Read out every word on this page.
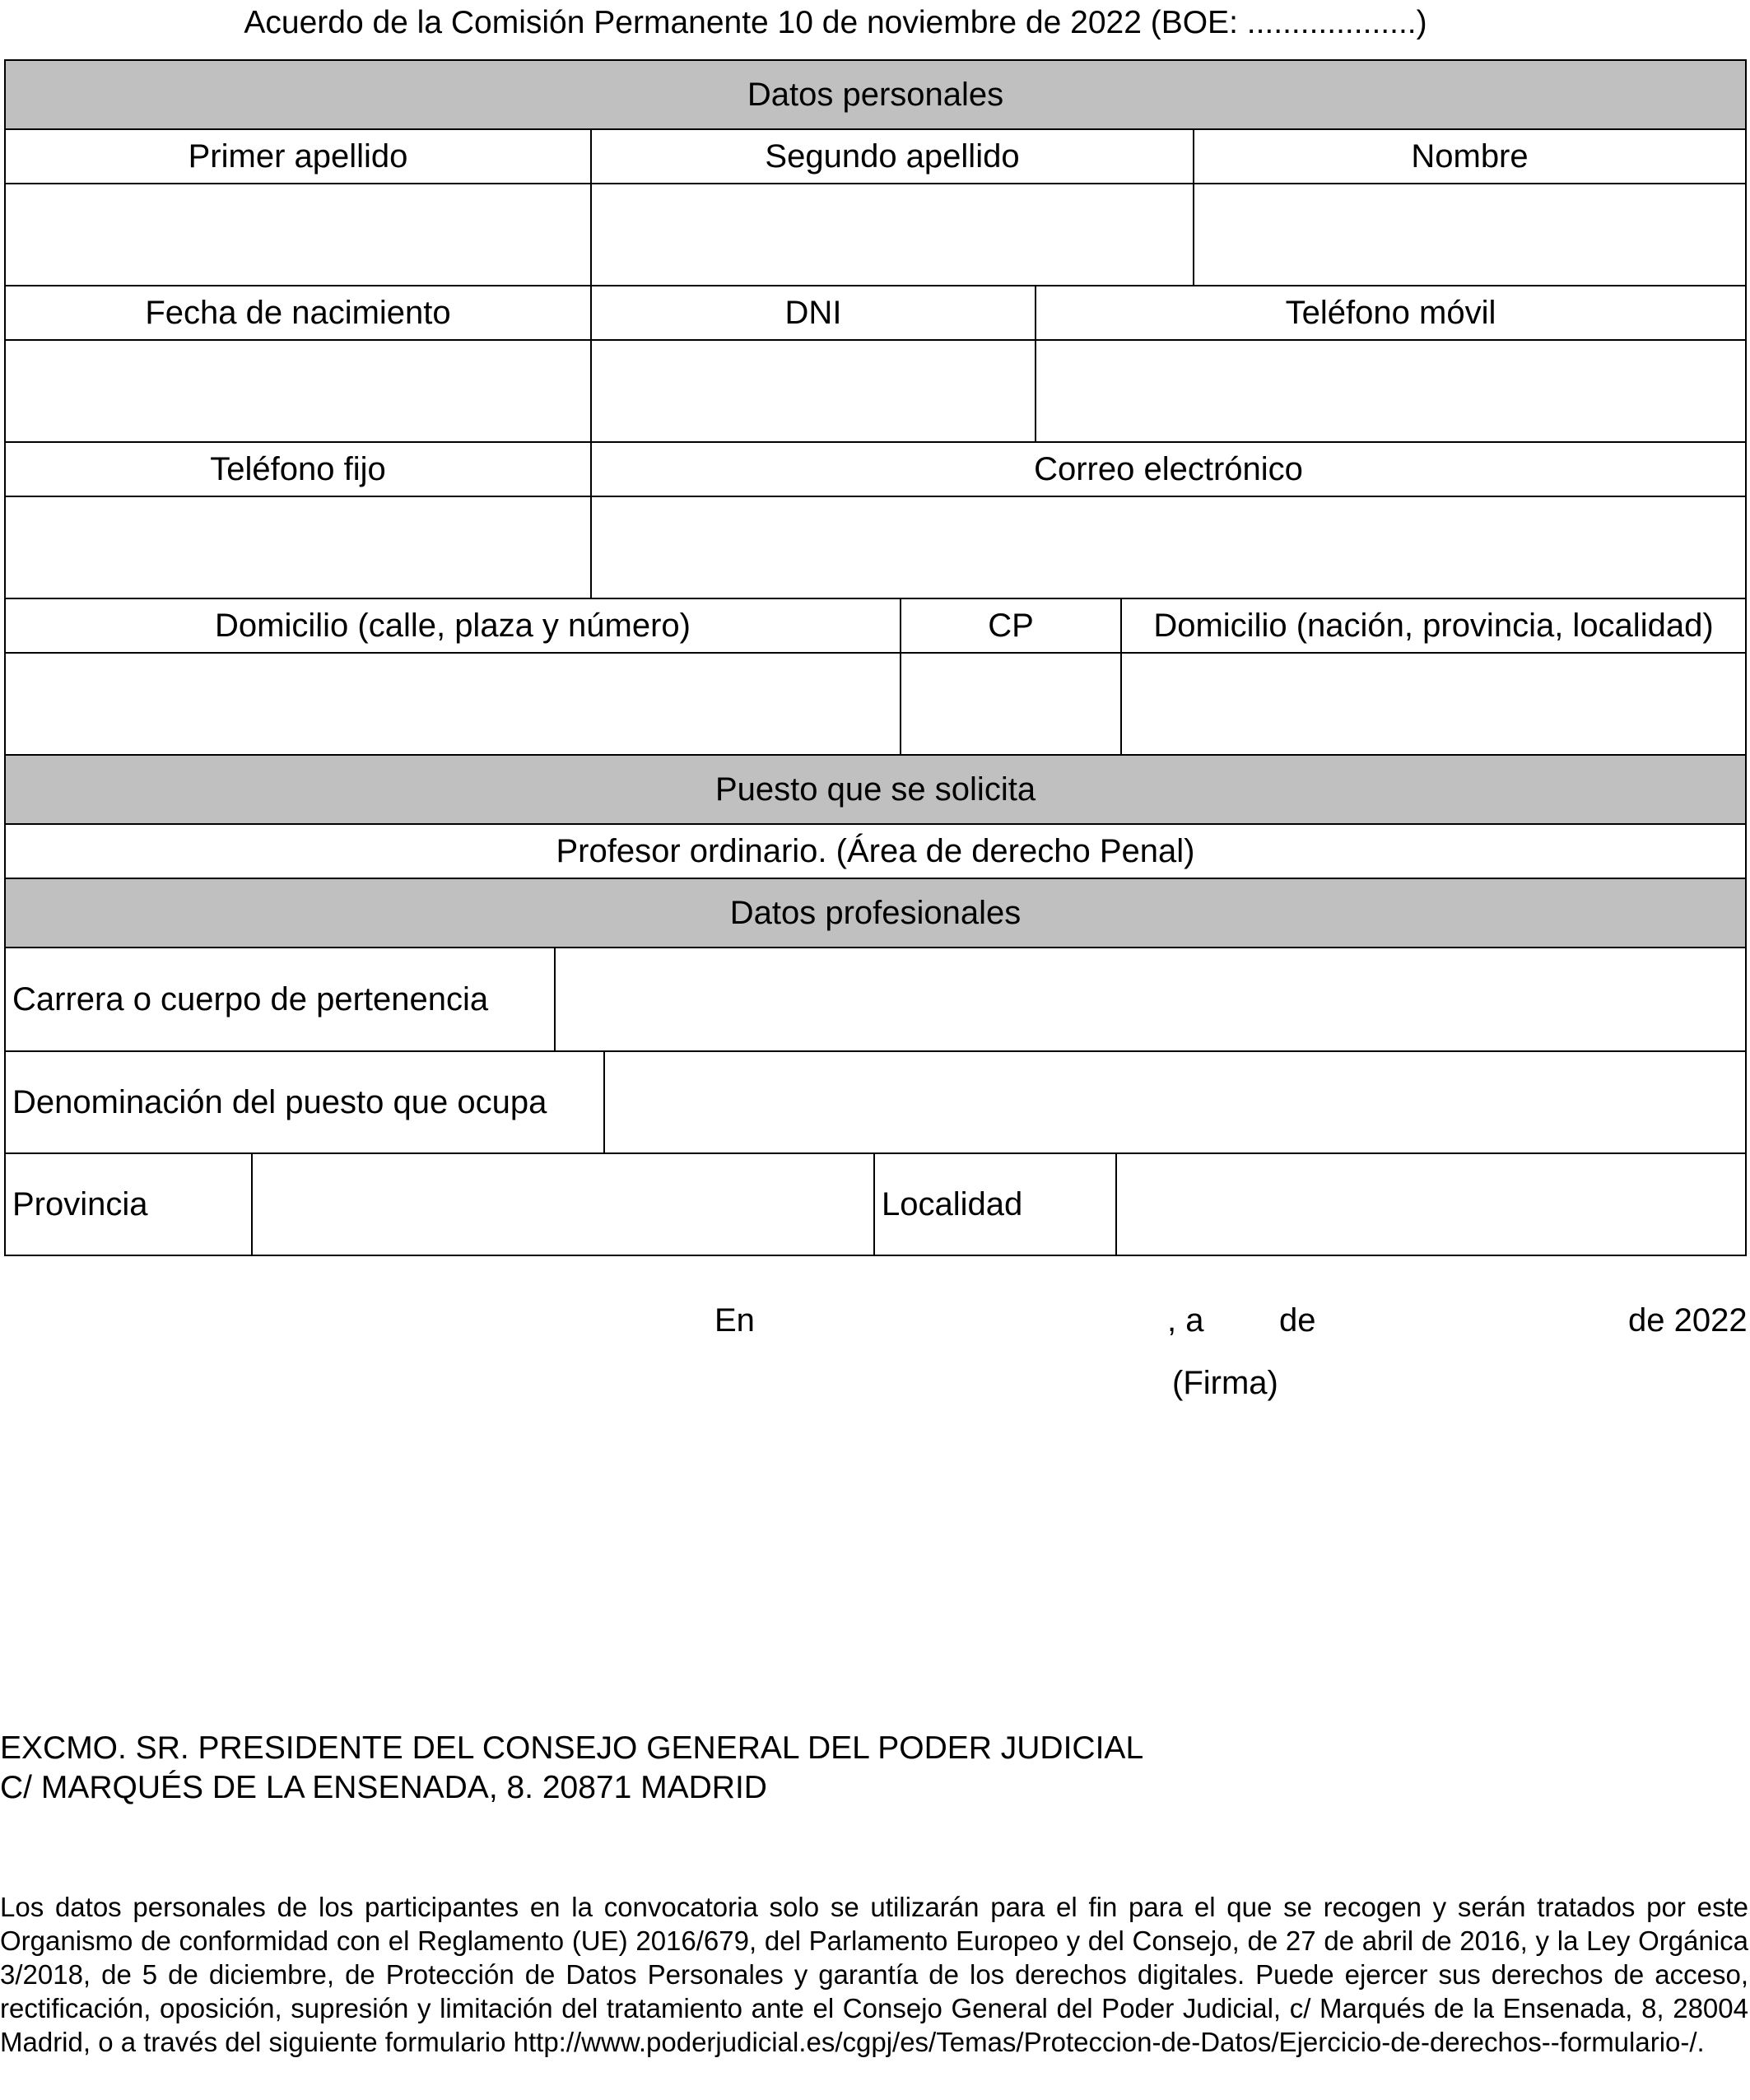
Acuerdo de la Comisión Permanente 10 de noviembre de 2022 (BOE: ...................)
Datos personales
Primer apellido	Segundo apellido	Nombre
Fecha de nacimiento	DNI	Teléfono móvil
Teléfono fijo	Correo electrónico
Domicilio (calle, plaza y número)	CP	Domicilio (nación, provincia, localidad)
Puesto que se solicita
Profesor ordinario. (Área de derecho Penal)
Datos profesionales
Carrera o cuerpo de pertenencia
Denominación del puesto que ocupa
Provincia	Localidad
En	, a de	de 2022
(Firma)
EXCMO. SR. PRESIDENTE DEL CONSEJO GENERAL DEL PODER JUDICIAL
C/ MARQUÉS DE LA ENSENADA, 8. 20871 MADRID
Los datos personales de los participantes en la convocatoria solo se utilizarán para el fin para el que se recogen y serán tratados por este Organismo de conformidad con el Reglamento (UE) 2016/679, del Parlamento Europeo y del Consejo, de 27 de abril de 2016, y la Ley Orgánica 3/2018, de 5 de diciembre, de Protección de Datos Personales y garantía de los derechos digitales. Puede ejercer sus derechos de acceso, rectificación, oposición, supresión y limitación del tratamiento ante el Consejo General del Poder Judicial, c/ Marqués de la Ensenada, 8, 28004 Madrid, o a través del siguiente formulario http://www.poderjudicial.es/cgpj/es/Temas/Proteccion-de-Datos/Ejercicio-de-derechos--formulario-/.
